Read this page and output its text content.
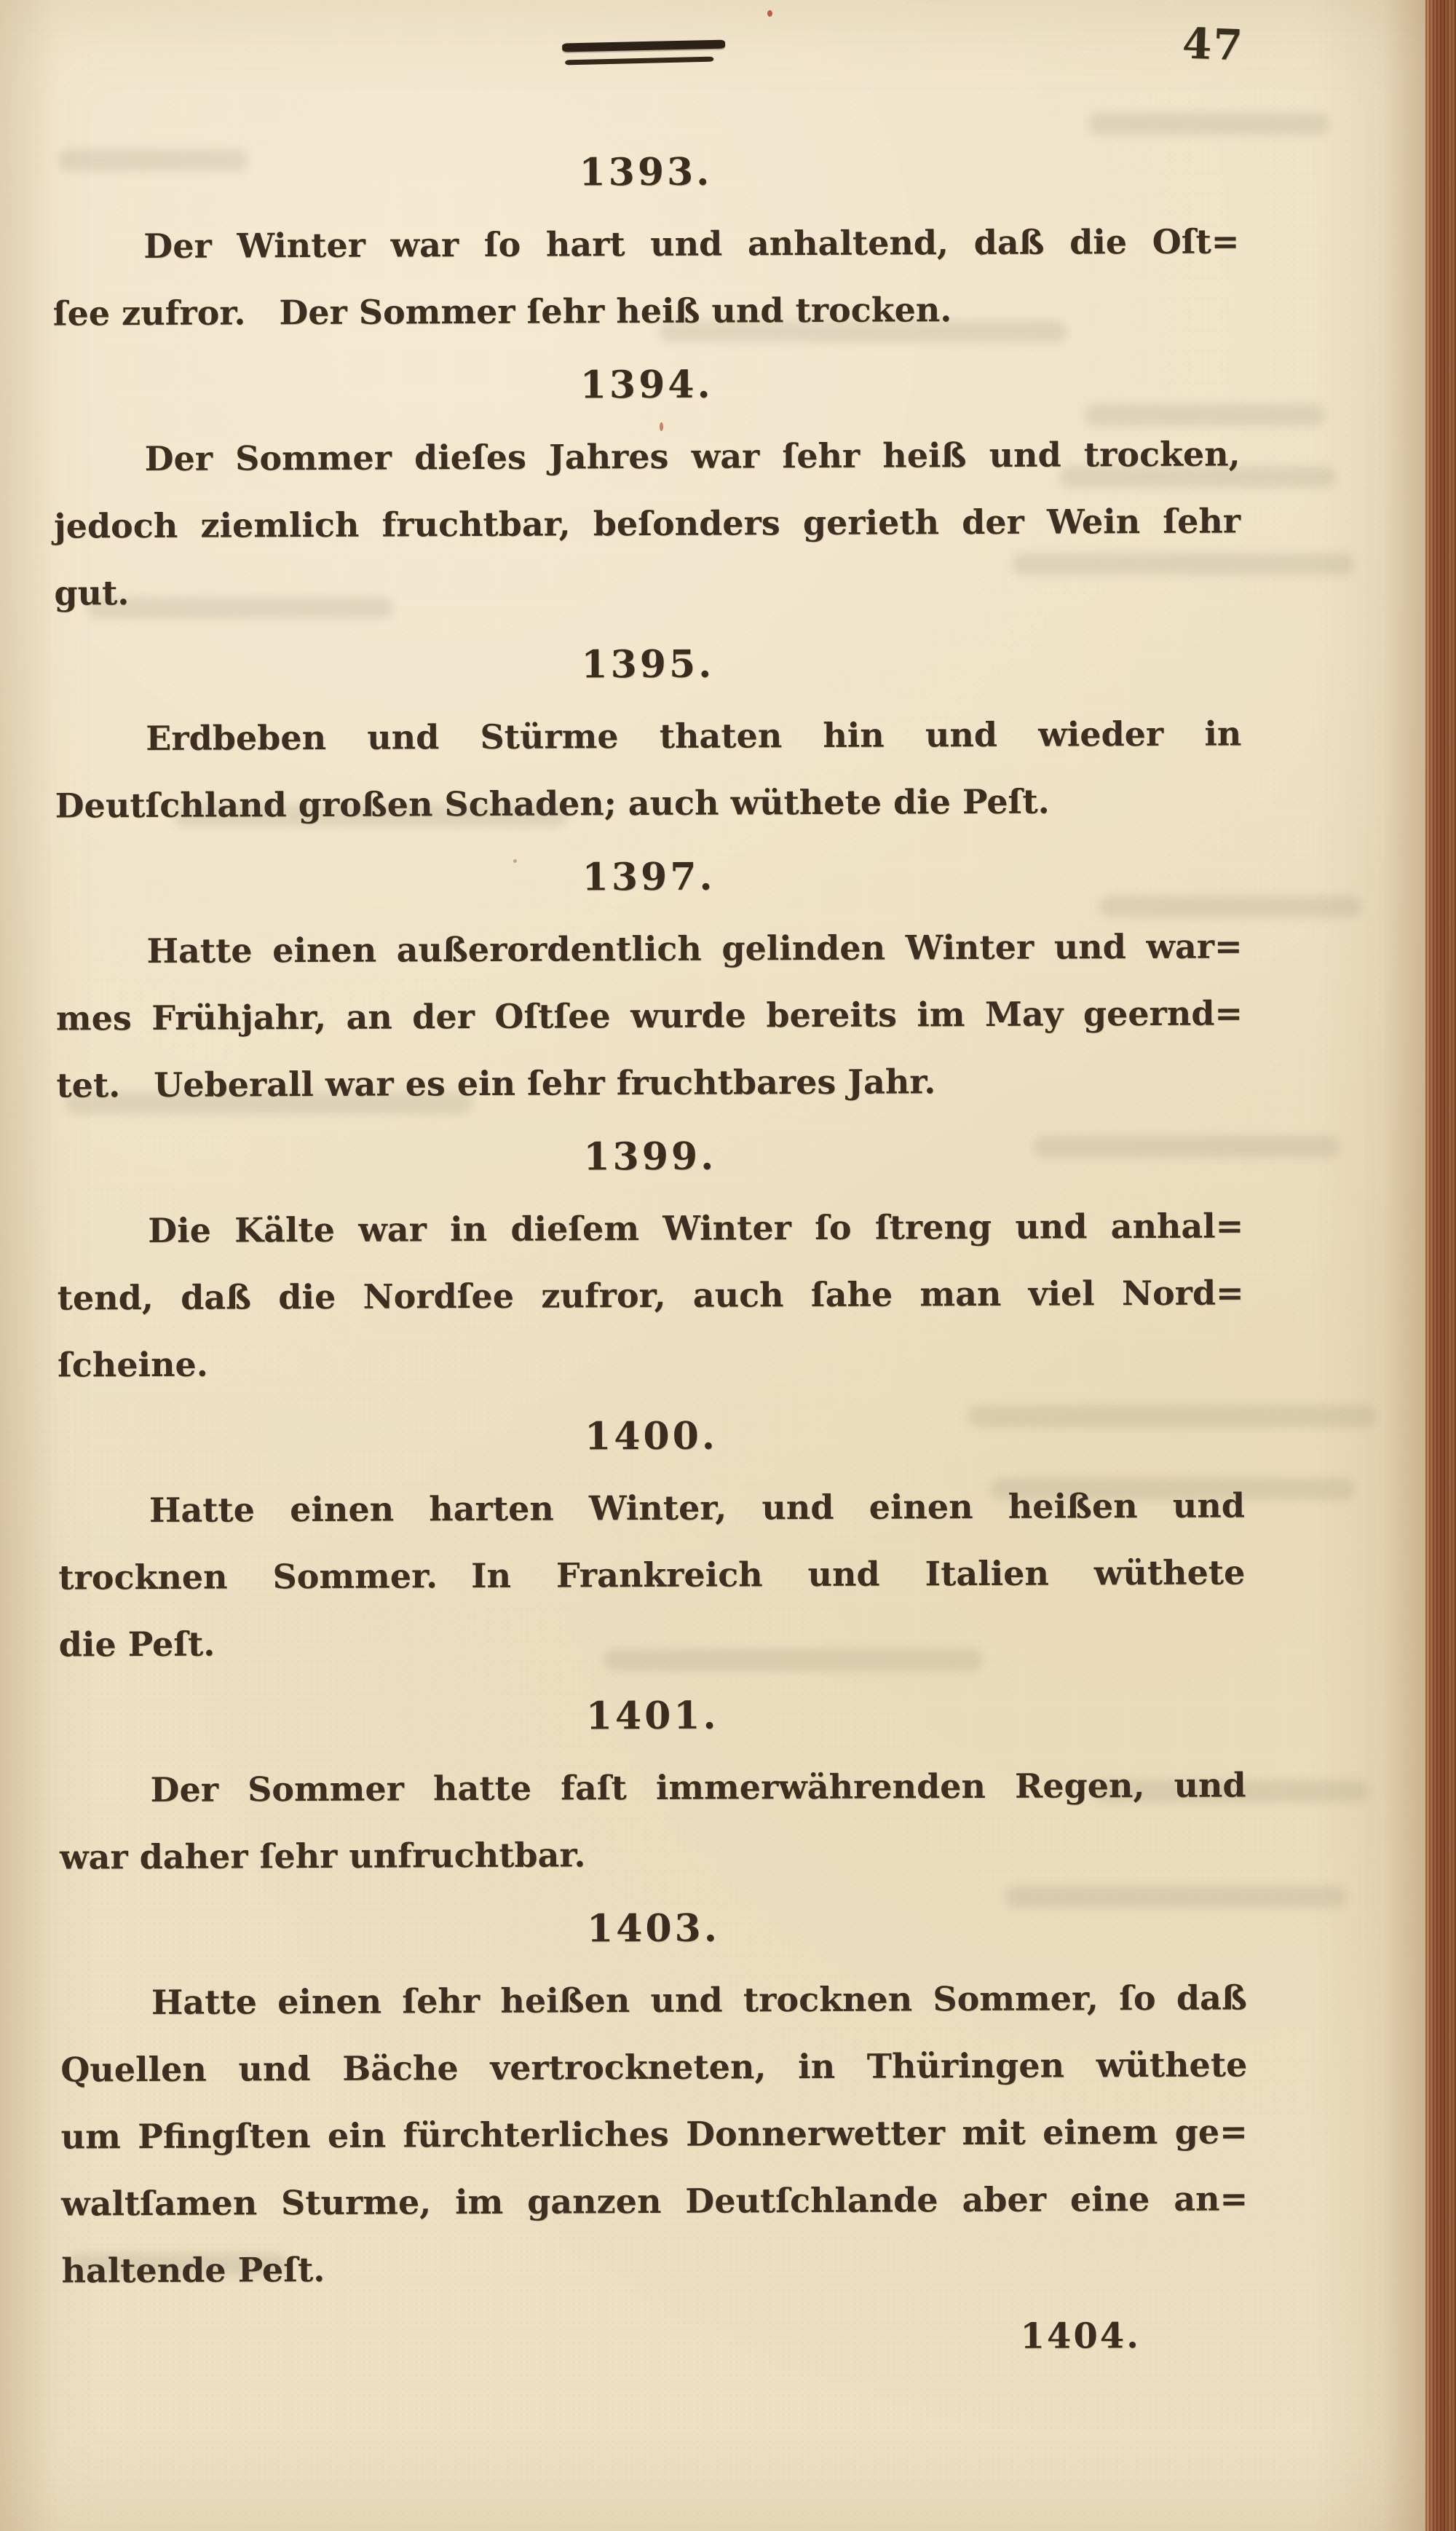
47
1393.
Der Winter war ſo hart und anhaltend, daß die Oſt=
ſee zufror. Der Sommer ſehr heiß und trocken.
1394.
Der Sommer dieſes Jahres war ſehr heiß und trocken,
jedoch ziemlich fruchtbar, beſonders gerieth der Wein ſehr gut.
1395.
Erdbeben und Stürme thaten hin und wieder in
Deutſchland großen Schaden; auch wüthete die Peſt.
1397.
Hatte einen außerordentlich gelinden Winter und war=
mes Frühjahr, an der Oſtſee wurde bereits im May geernd=
tet. Ueberall war es ein ſehr fruchtbares Jahr.
1399.
Die Kälte war in dieſem Winter ſo ſtreng und anhal=
tend, daß die Nordſee zufror, auch ſahe man viel Nord=
ſcheine.
1400.
Hatte einen harten Winter, und einen heißen und
trocknen Sommer. In Frankreich und Italien wüthete
die Peſt.
1401.
Der Sommer hatte faſt immerwährenden Regen, und
war daher ſehr unfruchtbar.
1403.
Hatte einen ſehr heißen und trocknen Sommer, ſo daß
Quellen und Bäche vertrockneten, in Thüringen wüthete
um Pfingſten ein fürchterliches Donnerwetter mit einem ge=
waltſamen Sturme, im ganzen Deutſchlande aber eine an=
haltende Peſt.
1404.
